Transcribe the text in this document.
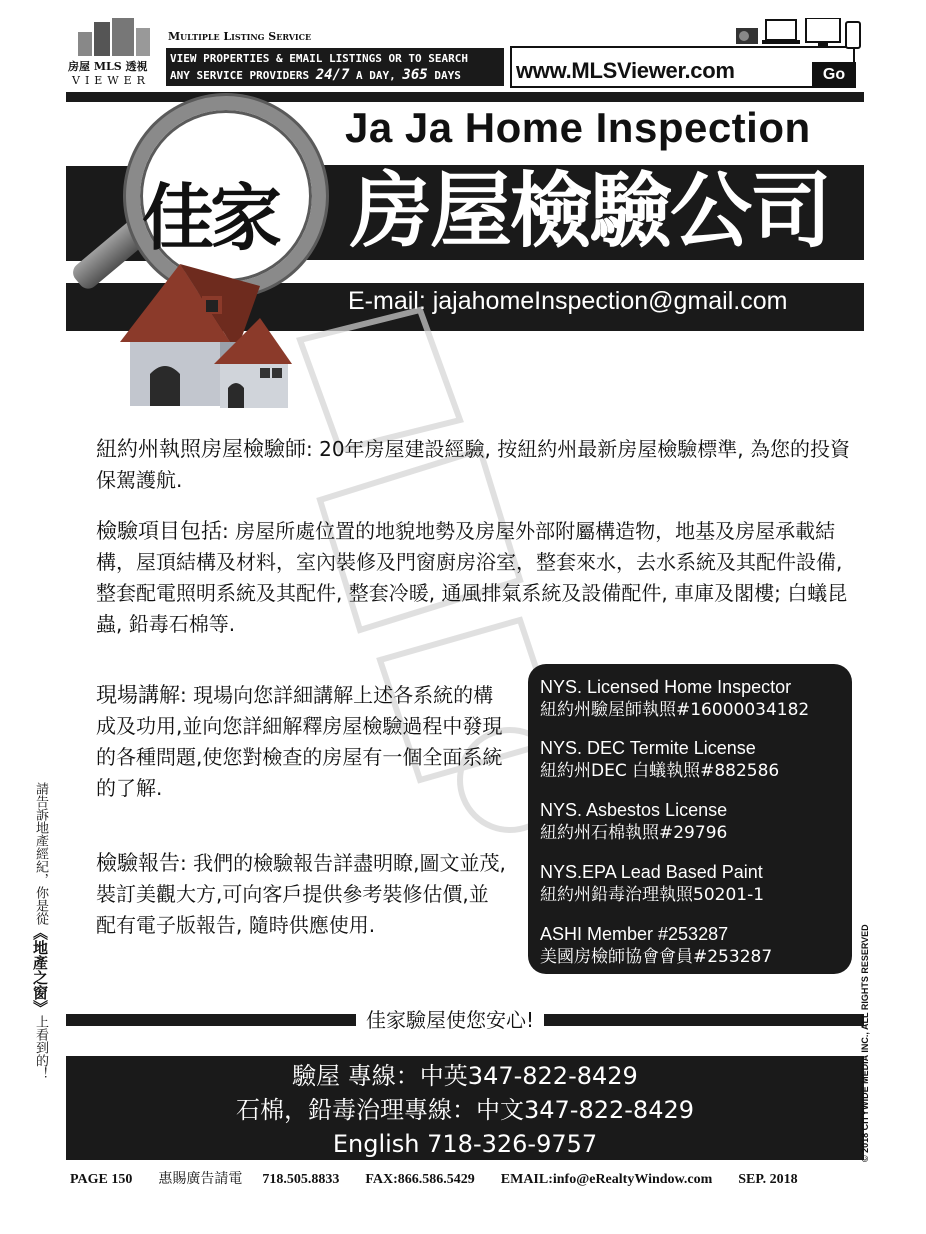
房屋 MLS 透視
VIEWER
Multiple Listing Service
VIEW PROPERTIES & EMAIL LISTINGS OR TO SEARCH
ANY SERVICE PROVIDERS 24/7 A DAY, 365 DAYS	www.MLSViewer.com	Go
Ja Ja Home Inspection
房屋檢驗公司
E-mail: jajahomeInspection@gmail.com
佳家
紐約州執照房屋檢驗師: 20年房屋建設經驗, 按紐約州最新房屋檢驗標準, 為您的投資保駕護航.
檢驗項目包括: 房屋所處位置的地貌地勢及房屋外部附屬構造物，地基及房屋承載結構，屋頂結構及材料，室內裝修及門窗廚房浴室，整套來水，去水系統及其配件設備, 整套配電照明系統及其配件, 整套冷暖, 通風排氣系統及設備配件, 車庫及閣樓; 白蟻昆蟲, 鉛毒石棉等.
現場講解: 現場向您詳細講解上述各系統的構成及功用,並向您詳細解釋房屋檢驗過程中發現的各種問題,使您對檢查的房屋有一個全面系統的了解.
檢驗報告: 我們的檢驗報告詳盡明瞭,圖文並茂, 裝訂美觀大方,可向客戶提供參考裝修估價,並配有電子版報告, 隨時供應使用.
NYS. Licensed Home Inspector
紐約州驗屋師執照#16000034182
NYS. DEC Termite License
紐約州DEC 白蟻執照#882586
NYS. Asbestos License
紐約州石棉執照#29796
NYS.EPA Lead Based Paint
紐約州鉛毒治理執照50201-1
ASHI Member #253287
美國房檢師協會會員#253287
佳家驗屋使您安心!
驗屋 專線：中英347-822-8429
石棉，鉛毒治理專線：中文347-822-8429
English 718-326-9757
PAGE 150 惠賜廣告請電 718.505.8833 FAX:866.586.5429 EMAIL:info@eRealtyWindow.com SEP. 2018
請告訴地產經紀，你是從《地產之窗》上看到的！	© 2018 CITYWIDE MEDIA INC., ALL RIGHTS RESERVED
